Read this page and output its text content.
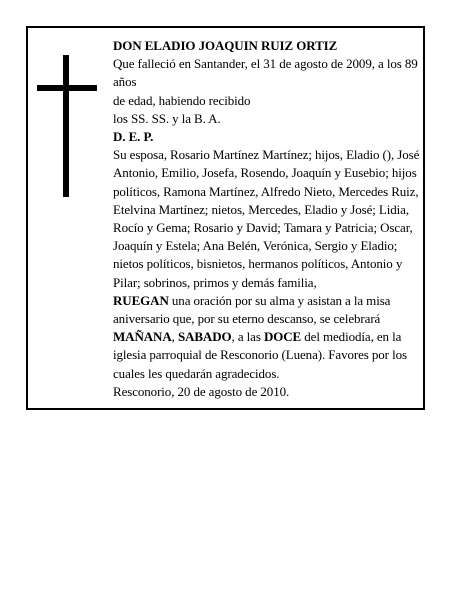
DON ELADIO JOAQUIN RUIZ ORTIZ

Que falleció en Santander, el 31 de agosto de 2009, a los 89 años

de edad, habiendo recibido

los SS. SS. y la B. A.

D. E. P.

Su esposa, Rosario Martínez Martínez; hijos, Eladio (), José Antonio, Emilio, Josefa, Rosendo, Joaquín y Eusebio; hijos políticos, Ramona Martínez, Alfredo Nieto, Mercedes Ruiz, Etelvina Martínez; nietos, Mercedes, Eladio y José; Lidia, Rocío y Gema; Rosario y David; Tamara y Patricia; Oscar, Joaquín y Estela; Ana Belén, Verónica, Sergio y Eladio; nietos políticos, bisnietos, hermanos políticos, Antonio y Pilar; sobrinos, primos y demás familia,

RUEGAN una oración por su alma y asistan a la misa aniversario que, por su eterno descanso, se celebrará MAÑANA, SABADO, a las DOCE del mediodía, en la iglesia parroquial de Resconorio (Luena). Favores por los cuales les quedarán agradecidos.

Resconorio, 20 de agosto de 2010.
